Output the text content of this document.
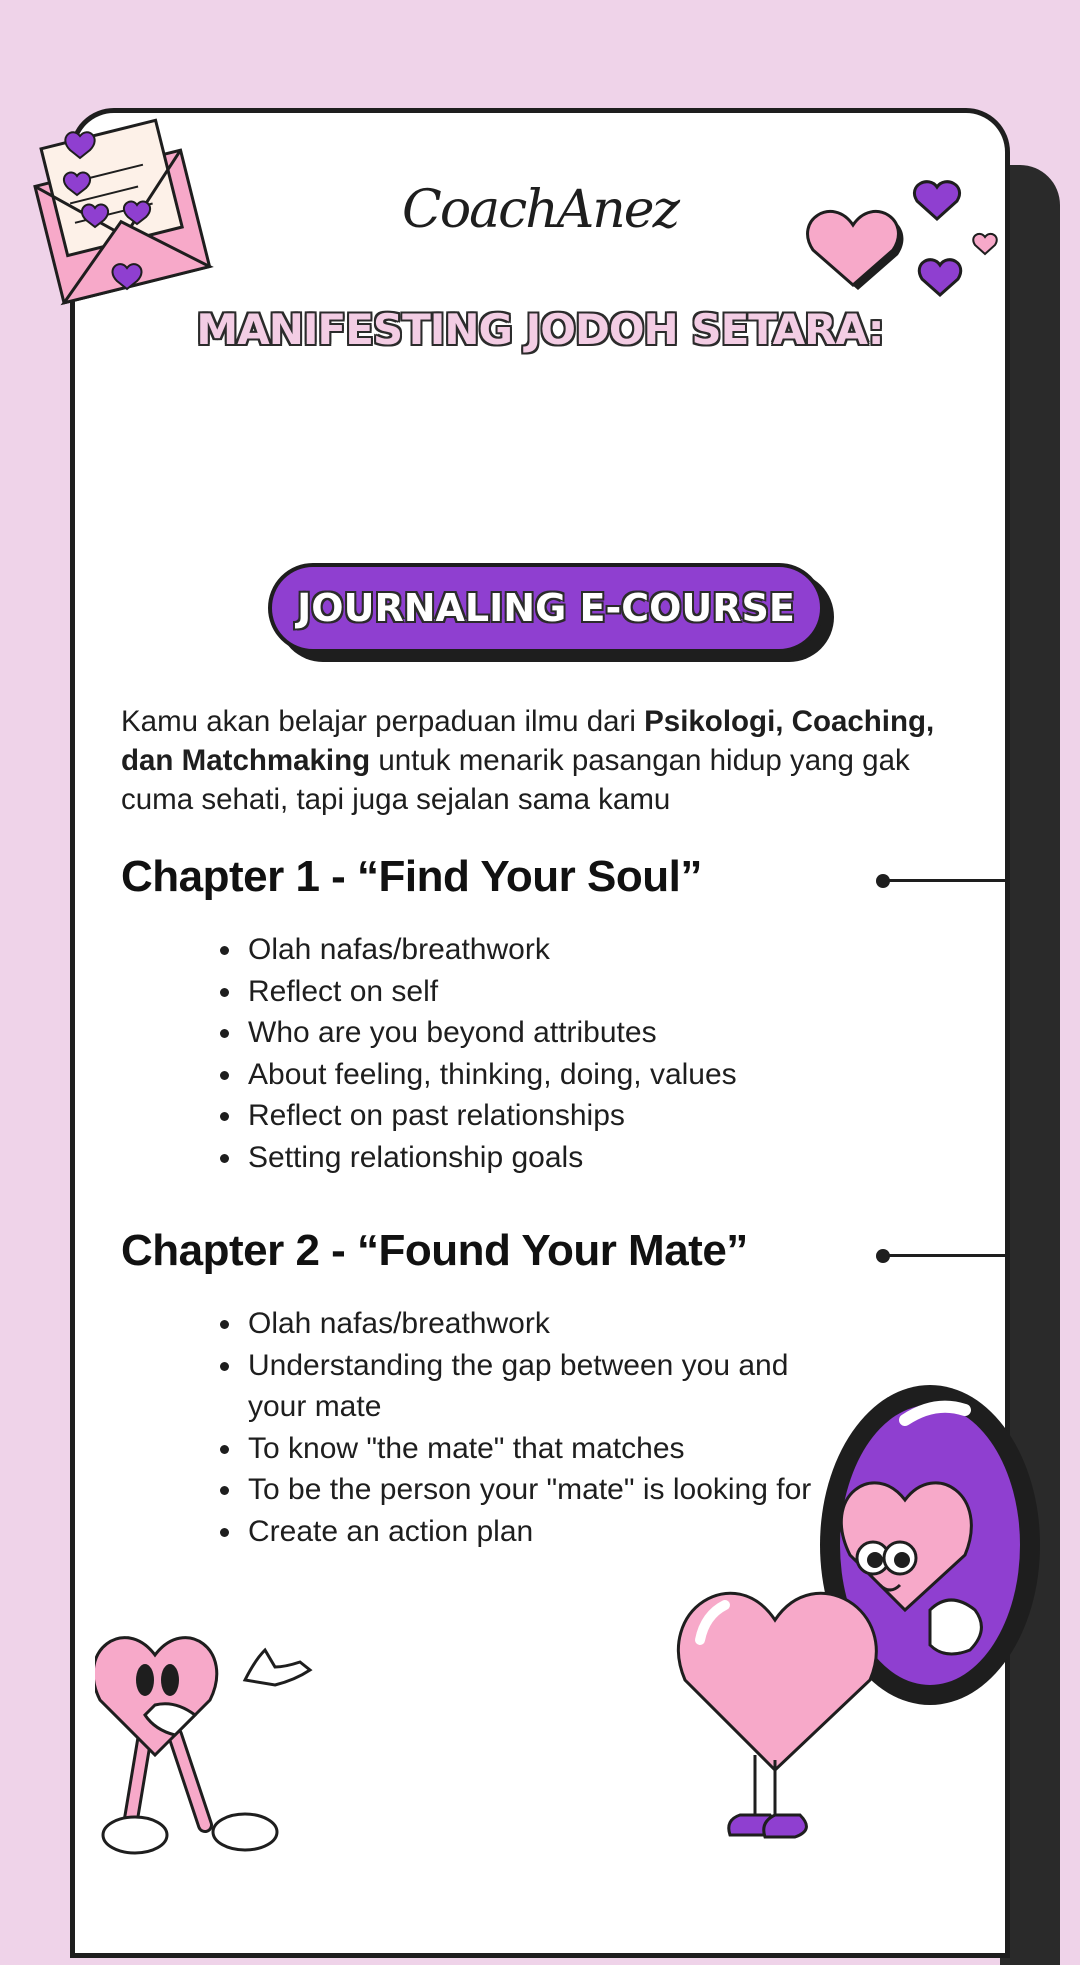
CoachAnez
MANIFESTING JODOH SETARA:
JOURNALING E-COURSE
Kamu akan belajar perpaduan ilmu dari Psikologi, Coaching, dan Matchmaking untuk menarik pasangan hidup yang gak cuma sehati, tapi juga sejalan sama kamu
Chapter 1 - “Find Your Soul”
• Olah nafas/breathwork
• Reflect on self
• Who are you beyond attributes
• About feeling, thinking, doing, values
• Reflect on past relationships
• Setting relationship goals
Chapter 2 - “Found Your Mate”
• Olah nafas/breathwork
• Understanding the gap between you and your mate
• To know "the mate" that matches
• To be the person your "mate" is looking for
• Create an action plan
